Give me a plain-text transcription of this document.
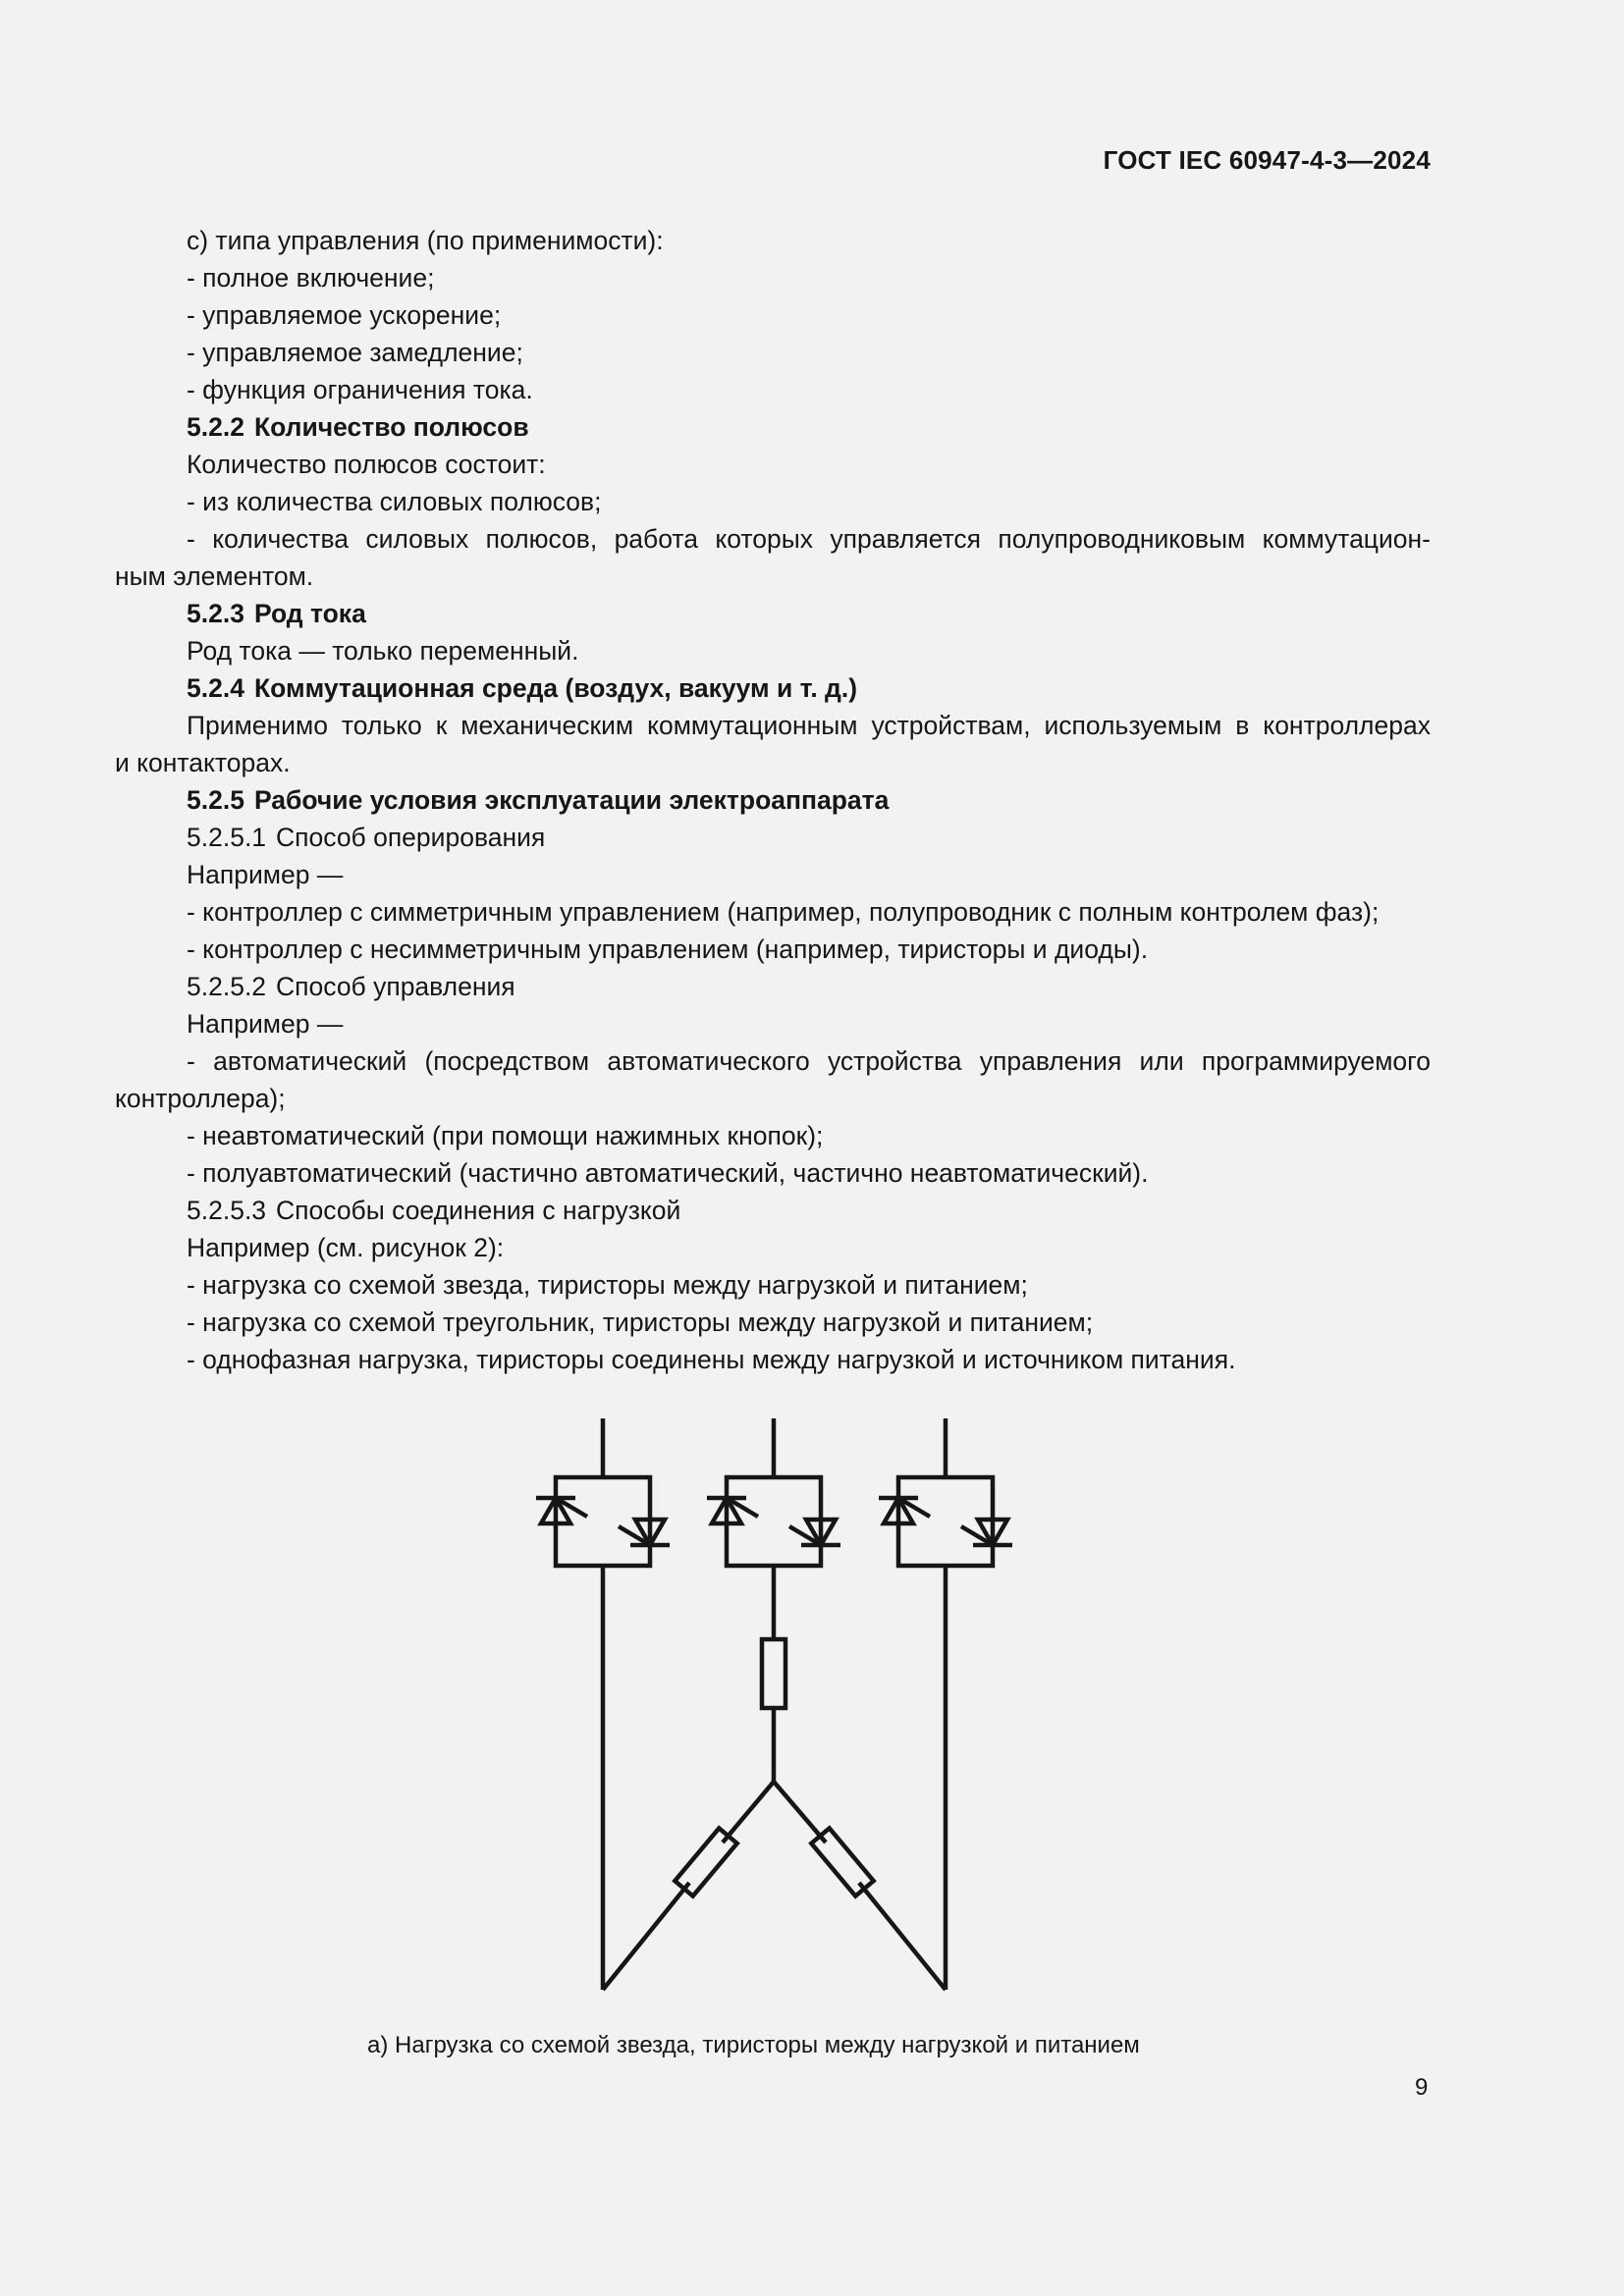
ГОСТ IEC 60947-4-3—2024

c) типа управления (по применимости):

- полное включение;

- управляемое ускорение;

- управляемое замедление;

- функция ограничения тока.

5.2.2 Количество полюсов

Количество полюсов состоит:

- из количества силовых полюсов;

- количества силовых полюсов, работа которых управляется полупроводниковым коммутацион-

ным элементом.

5.2.3 Род тока

Род тока — только переменный.

5.2.4 Коммутационная среда (воздух, вакуум и т. д.)

Применимо только к механическим коммутационным устройствам, используемым в контроллерах

и контакторах.

5.2.5 Рабочие условия эксплуатации электроаппарата

5.2.5.1 Способ оперирования

Например —

- контроллер с симметричным управлением (например, полупроводник с полным контролем фаз);

- контроллер с несимметричным управлением (например, тиристоры и диоды).

5.2.5.2 Способ управления

Например —

- автоматический (посредством автоматического устройства управления или программируемого

контроллера);

- неавтоматический (при помощи нажимных кнопок);

- полуавтоматический (частично автоматический, частично неавтоматический).

5.2.5.3 Способы соединения с нагрузкой

Например (см. рисунок 2):

- нагрузка со схемой звезда, тиристоры между нагрузкой и питанием;

- нагрузка со схемой треугольник, тиристоры между нагрузкой и питанием;

- однофазная нагрузка, тиристоры соединены между нагрузкой и источником питания.

а) Нагрузка со схемой звезда, тиристоры между нагрузкой и питанием
9
